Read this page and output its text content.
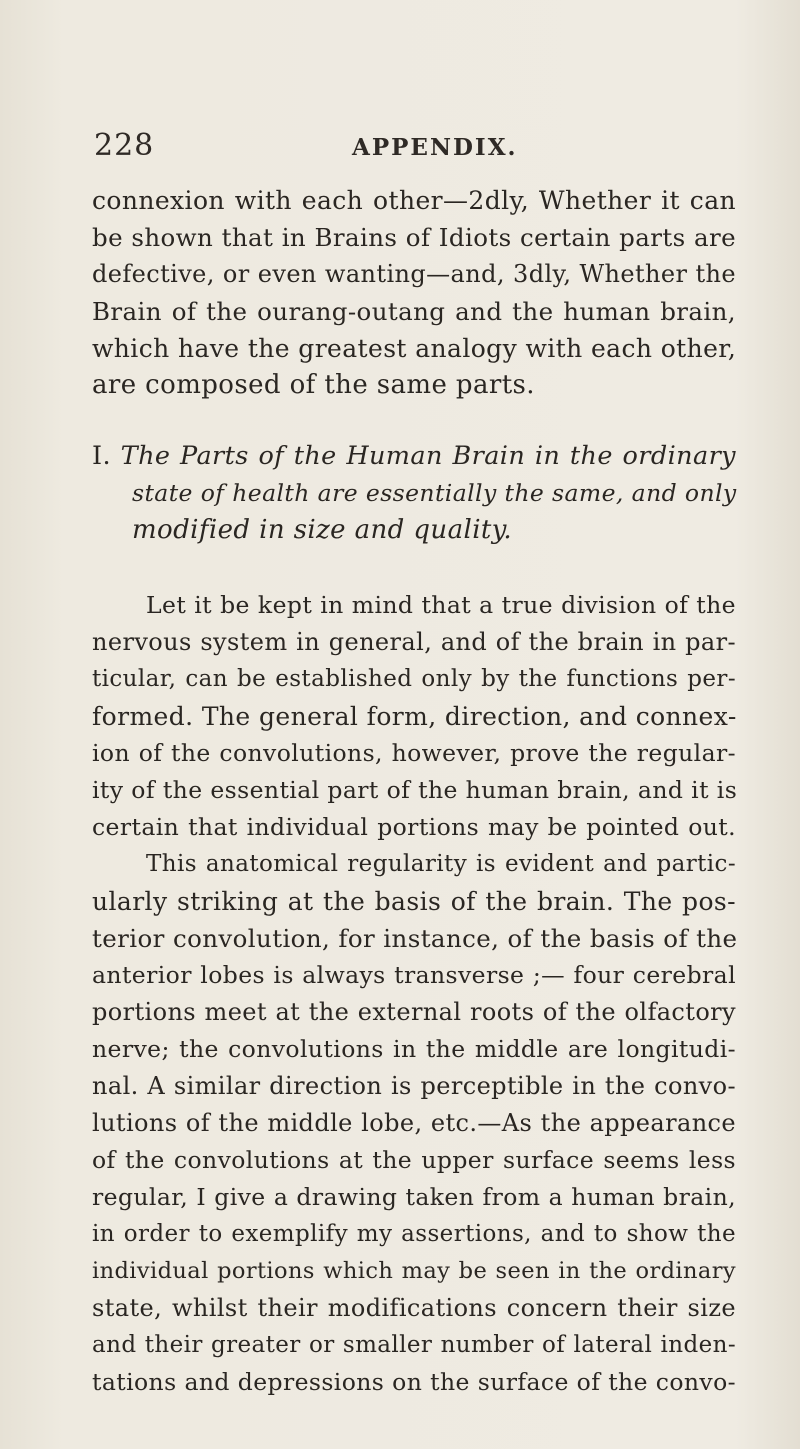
228	APPENDIX.
connexion with each other—2dly, Whether it can
be shown that in Brains of Idiots certain parts are
defective, or even wanting—and, 3dly, Whether the
Brain of the ourang-outang and the human brain,
which have the greatest analogy with each other,
are composed of the same parts.
I. The Parts of the Human Brain in the ordinary
state of health are essentially the same, and only
modified in size and quality.
Let it be kept in mind that a true division of the
nervous system in general, and of the brain in par-
ticular, can be established only by the functions per-
formed. The general form, direction, and connex-
ion of the convolutions, however, prove the regular-
ity of the essential part of the human brain, and it is
certain that individual portions may be pointed out.
This anatomical regularity is evident and partic-
ularly striking at the basis of the brain. The pos-
terior convolution, for instance, of the basis of the
anterior lobes is always transverse ;— four cerebral
portions meet at the external roots of the olfactory
nerve; the convolutions in the middle are longitudi-
nal. A similar direction is perceptible in the convo-
lutions of the middle lobe, etc.—As the appearance
of the convolutions at the upper surface seems less
regular, I give a drawing taken from a human brain,
in order to exemplify my assertions, and to show the
individual portions which may be seen in the ordinary
state, whilst their modifications concern their size
and their greater or smaller number of lateral inden-
tations and depressions on the surface of the convo-
